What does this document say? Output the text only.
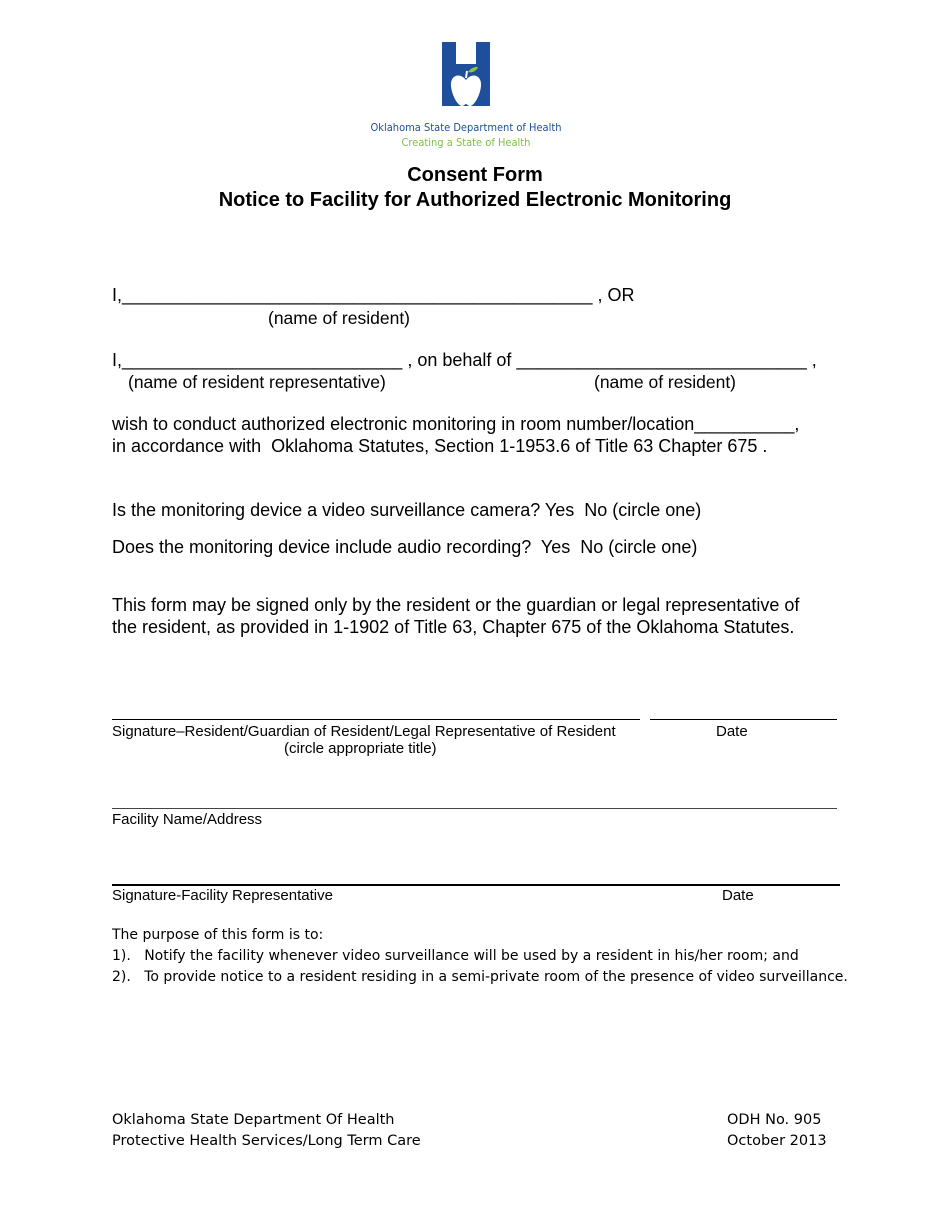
Oklahoma State Department of Health
Creating a State of Health
Consent Form
Notice to Facility for Authorized Electronic Monitoring
I,_______________________________________________ , OR
(name of resident)
I,____________________________ , on behalf of _____________________________ ,
(name of resident representative)	(name of resident)
wish to conduct authorized electronic monitoring in room number/location__________,
in accordance with  Oklahoma Statutes, Section 1-1953.6 of Title 63 Chapter 675 .
Is the monitoring device a video surveillance camera? Yes  No (circle one)
Does the monitoring device include audio recording?  Yes  No (circle one)
This form may be signed only by the resident or the guardian or legal representative of
the resident, as provided in 1-1902 of Title 63, Chapter 675 of the Oklahoma Statutes.
Signature–Resident/Guardian of Resident/Legal Representative of Resident	Date
(circle appropriate title)
Facility Name/Address
Signature-Facility Representative	Date
The purpose of this form is to:
1). Notify the facility whenever video surveillance will be used by a resident in his/her room; and
2). To provide notice to a resident residing in a semi-private room of the presence of video surveillance.
Oklahoma State Department Of Health
Protective Health Services/Long Term Care
ODH No. 905
October 2013
